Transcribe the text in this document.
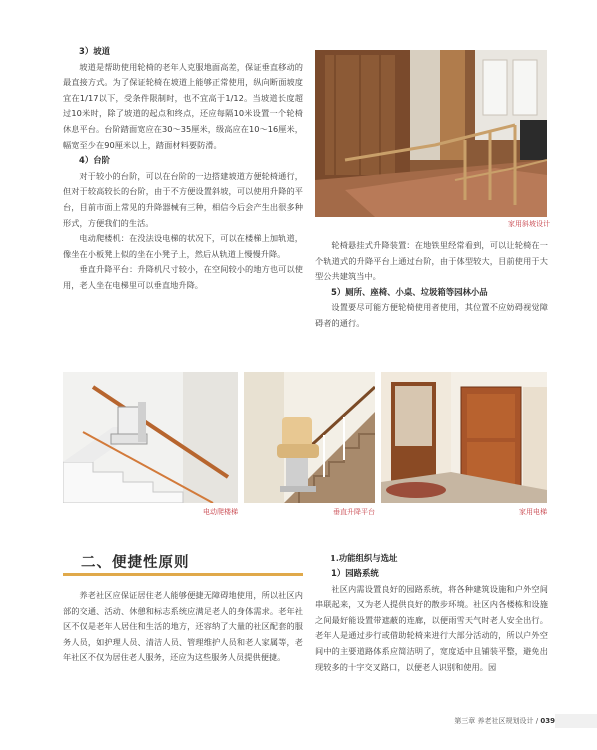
3）坡道

坡道是帮助使用轮椅的老年人克服地面高差，保证垂直移动的最直接方式。为了保证轮椅在坡道上能够正常使用，纵向断面坡度宜在1/17以下，受条件限制时，也不宜高于1/12。当坡道长度超过10米时，除了坡道的起点和终点，还应每隔10米设置一个轮椅休息平台。台阶踏面宽应在30～35厘米，级高应在10～16厘米，幅宽至少在90厘米以上，踏面材料要防滑。

4）台阶

对于较小的台阶，可以在台阶的一边搭建坡道方便轮椅通行，但对于较高较长的台阶，由于不方便设置斜坡，可以使用升降的平台，目前市面上常见的升降器械有三种，相信今后会产生出很多种形式，方便我们的生活。

电动爬楼机：在没法设电梯的状况下，可以在楼梯上加轨道，像坐在小板凳上似的坐在小凳子上，然后从轨道上慢慢升降。

垂直升降平台：升降机尺寸较小，在空间较小的地方也可以使用，老人坐在电梯里可以垂直地升降。

家用斜坡设计

轮椅悬挂式升降装置：在地铁里经常看到，可以让轮椅在一个轨道式的升降平台上通过台阶，由于体型较大，目前使用于大型公共建筑当中。

5）厕所、座椅、小桌、垃圾箱等园林小品

设置要尽可能方便轮椅使用者使用，其位置不应妨碍视觉障碍者的通行。

电动爬楼梯	垂直升降平台	家用电梯
二、便捷性原则

养老社区应保证居住老人能够便捷无障碍地使用，所以社区内部的交通、活动、休憩和标志系统应满足老人的身体需求。老年社区不仅是老年人居住和生活的地方，还容纳了大量的社区配套的服务人员，如护理人员、清洁人员、管理维护人员和老人家属等，老年社区不仅为居住老人服务，还应为这些服务人员提供便捷。

1.功能组织与选址

1）园路系统

社区内需设置良好的园路系统，将各种建筑设施和户外空间串联起来，又为老人提供良好的散步环境。社区内各楼栋和设施之间最好能设置带遮蔽的连廊，以便雨雪天气时老人安全出行。老年人是通过步行或借助轮椅来进行大部分活动的，所以户外空间中的主要道路体系应简洁明了，宽度适中且铺装平整，避免出现较多的十字交叉路口，以便老人识别和使用。园

第三章 养老社区规划设计 / 039
